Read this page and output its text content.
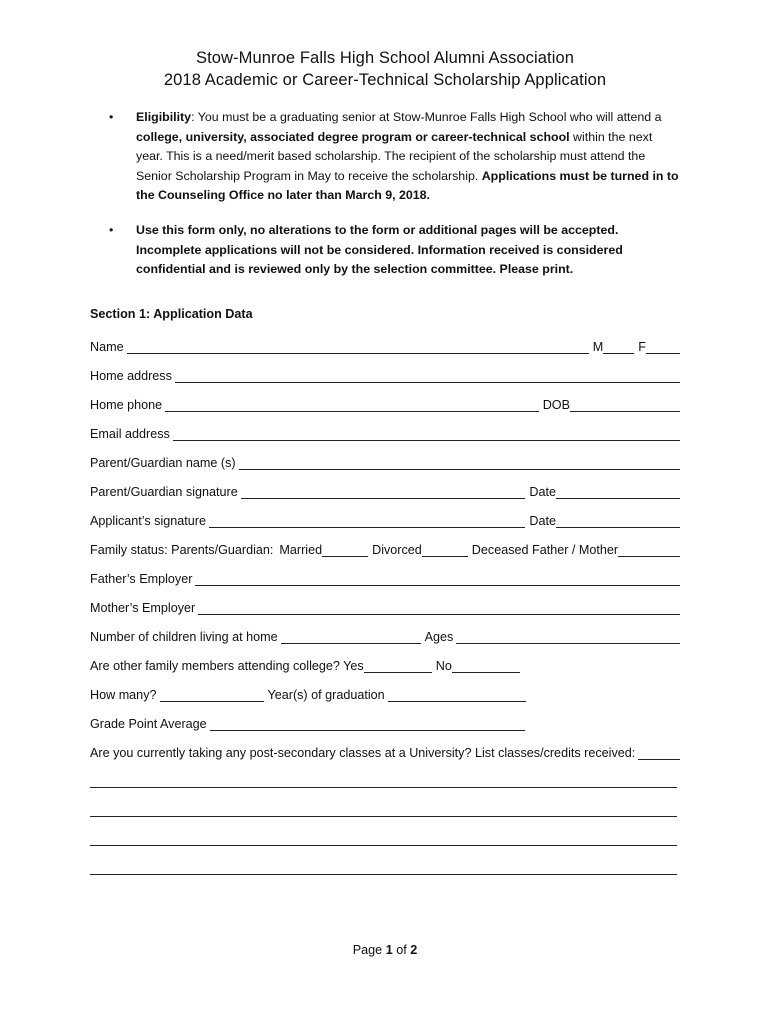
Stow-Munroe Falls High School Alumni Association
2018 Academic or Career-Technical Scholarship Application
• Eligibility: You must be a graduating senior at Stow-Munroe Falls High School who will attend a college, university, associated degree program or career-technical school within the next year. This is a need/merit based scholarship. The recipient of the scholarship must attend the Senior Scholarship Program in May to receive the scholarship. Applications must be turned in to the Counseling Office no later than March 9, 2018.
• Use this form only, no alterations to the form or additional pages will be accepted. Incomplete applications will not be considered. Information received is considered confidential and is reviewed only by the selection committee. Please print.
Section 1: Application Data
Name	M	F
Home address
Home phone	DOB
Email address
Parent/Guardian name (s)
Parent/Guardian signature	Date
Applicant’s signature	Date
Family status: Parents/Guardian: Married	Divorced	Deceased Father / Mother
Father’s Employer
Mother’s Employer
Number of children living at home	Ages
Are other family members attending college? Yes	No
How many?	Year(s) of graduation
Grade Point Average
Are you currently taking any post-secondary classes at a University? List classes/credits received:
Page 1 of 2
